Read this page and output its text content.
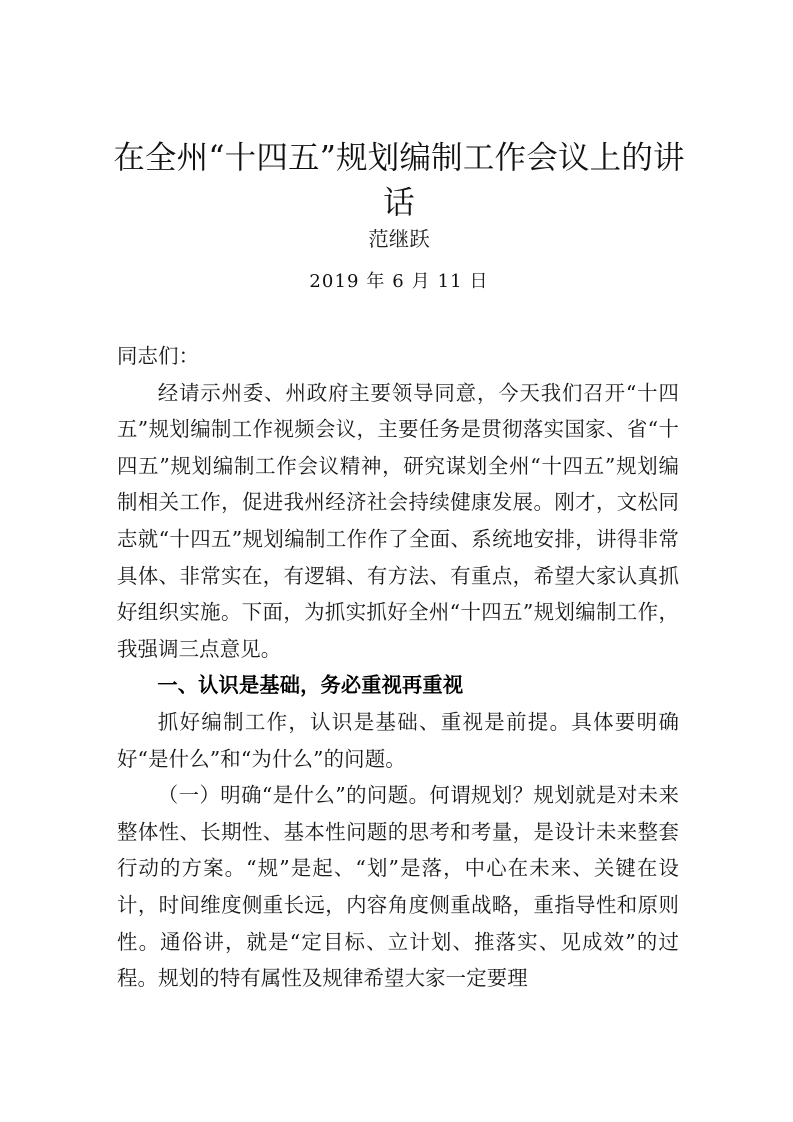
在全州“十四五”规划编制工作会议上的讲话
范继跃
2019 年 6 月 11 日

同志们：

经请示州委、州政府主要领导同意，今天我们召开“十四五”规划编制工作视频会议，主要任务是贯彻落实国家、省“十四五”规划编制工作会议精神，研究谋划全州“十四五”规划编制相关工作，促进我州经济社会持续健康发展。刚才，文松同志就“十四五”规划编制工作作了全面、系统地安排，讲得非常具体、非常实在，有逻辑、有方法、有重点，希望大家认真抓好组织实施。下面，为抓实抓好全州“十四五”规划编制工作，我强调三点意见。

一、认识是基础，务必重视再重视

抓好编制工作，认识是基础、重视是前提。具体要明确好“是什么”和“为什么”的问题。

（一）明确“是什么”的问题。何谓规划？规划就是对未来整体性、长期性、基本性问题的思考和考量，是设计未来整套行动的方案。“规”是起、“划”是落，中心在未来、关键在设计，时间维度侧重长远，内容角度侧重战略，重指导性和原则性。通俗讲，就是“定目标、立计划、推落实、见成效”的过程。规划的特有属性及规律希望大家一定要理
